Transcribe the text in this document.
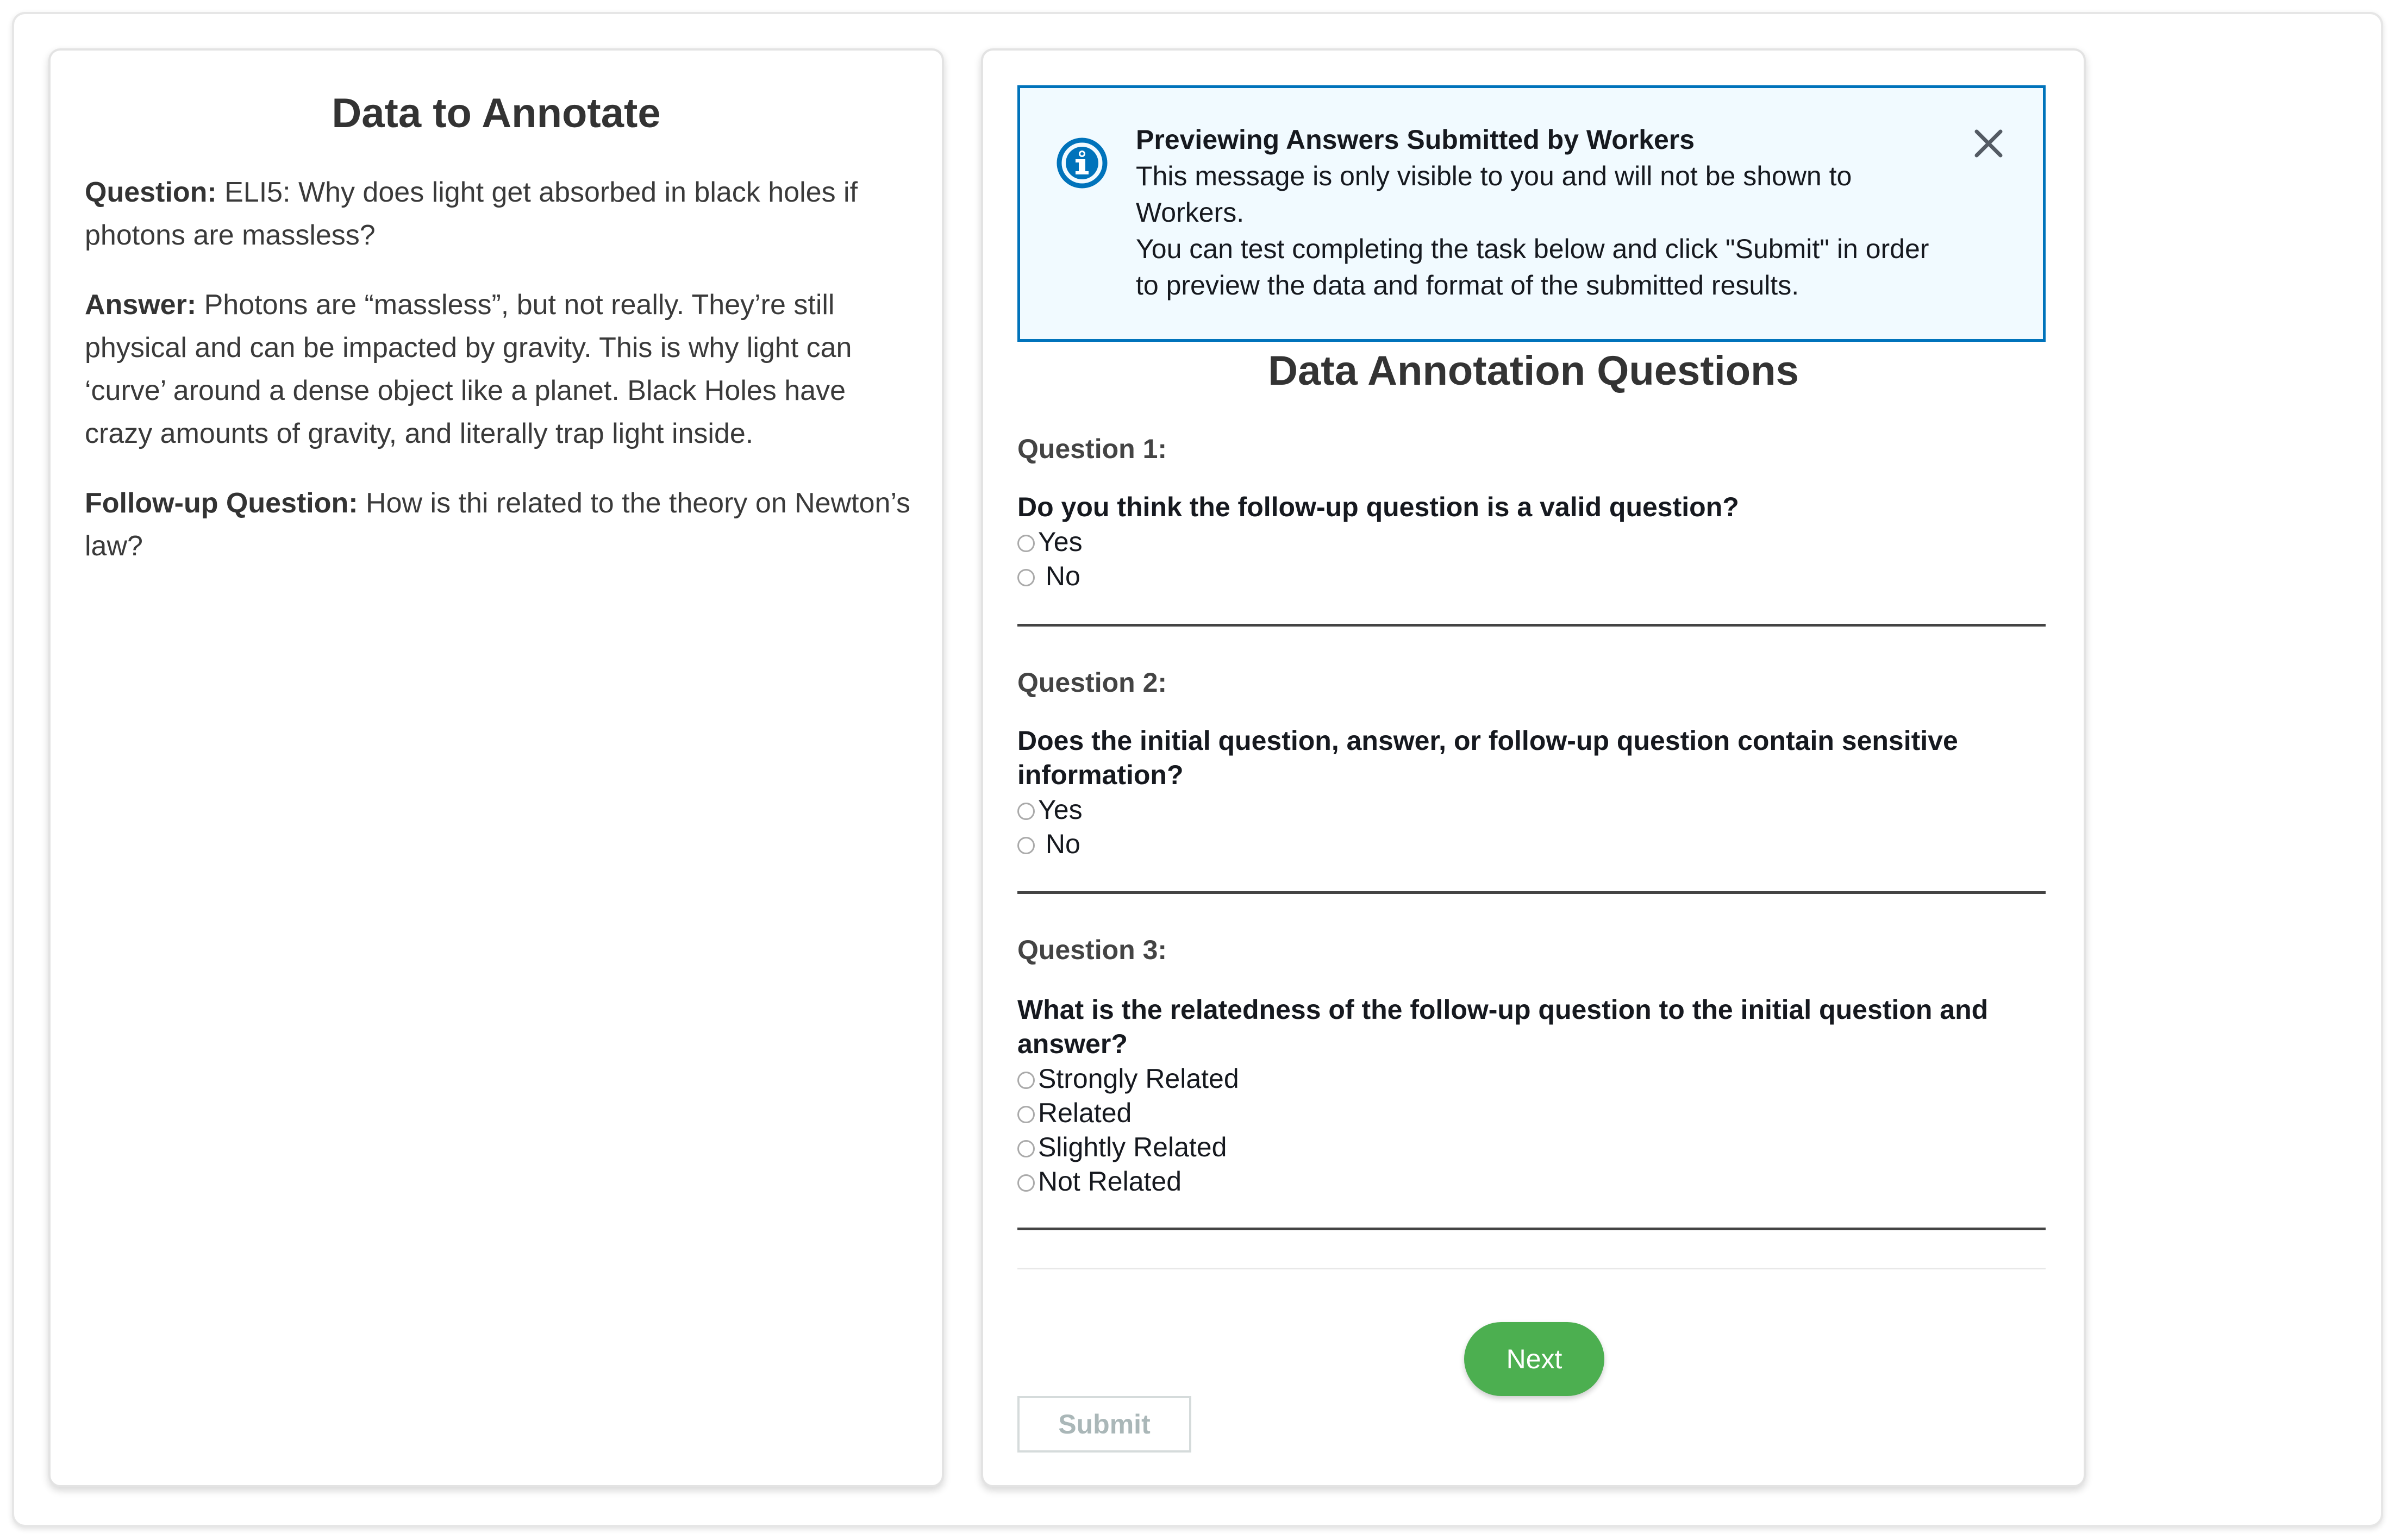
Data to Annotate

Question: ELI5: Why does light get absorbed in black holes if photons are massless?

Answer: Photons are “massless”, but not really. They’re still physical and can be impacted by gravity. This is why light can ‘curve’ around a dense object like a planet. Black Holes have crazy amounts of gravity, and literally trap light inside.

Follow-up Question: How is thi related to the theory on Newton’s law?

Previewing Answers Submitted by Workers
This message is only visible to you and will not be shown to Workers.
You can test completing the task below and click "Submit" in order to preview the data and format of the submitted results.
Data Annotation Questions
Question 1:
Do you think the follow-up question is a valid question?
Yes
No
Question 2:
Does the initial question, answer, or follow-up question contain sensitive information?
Yes
No
Question 3:
What is the relatedness of the follow-up question to the initial question and answer?
Strongly Related
Related
Slightly Related
Not Related
Next
Submit
